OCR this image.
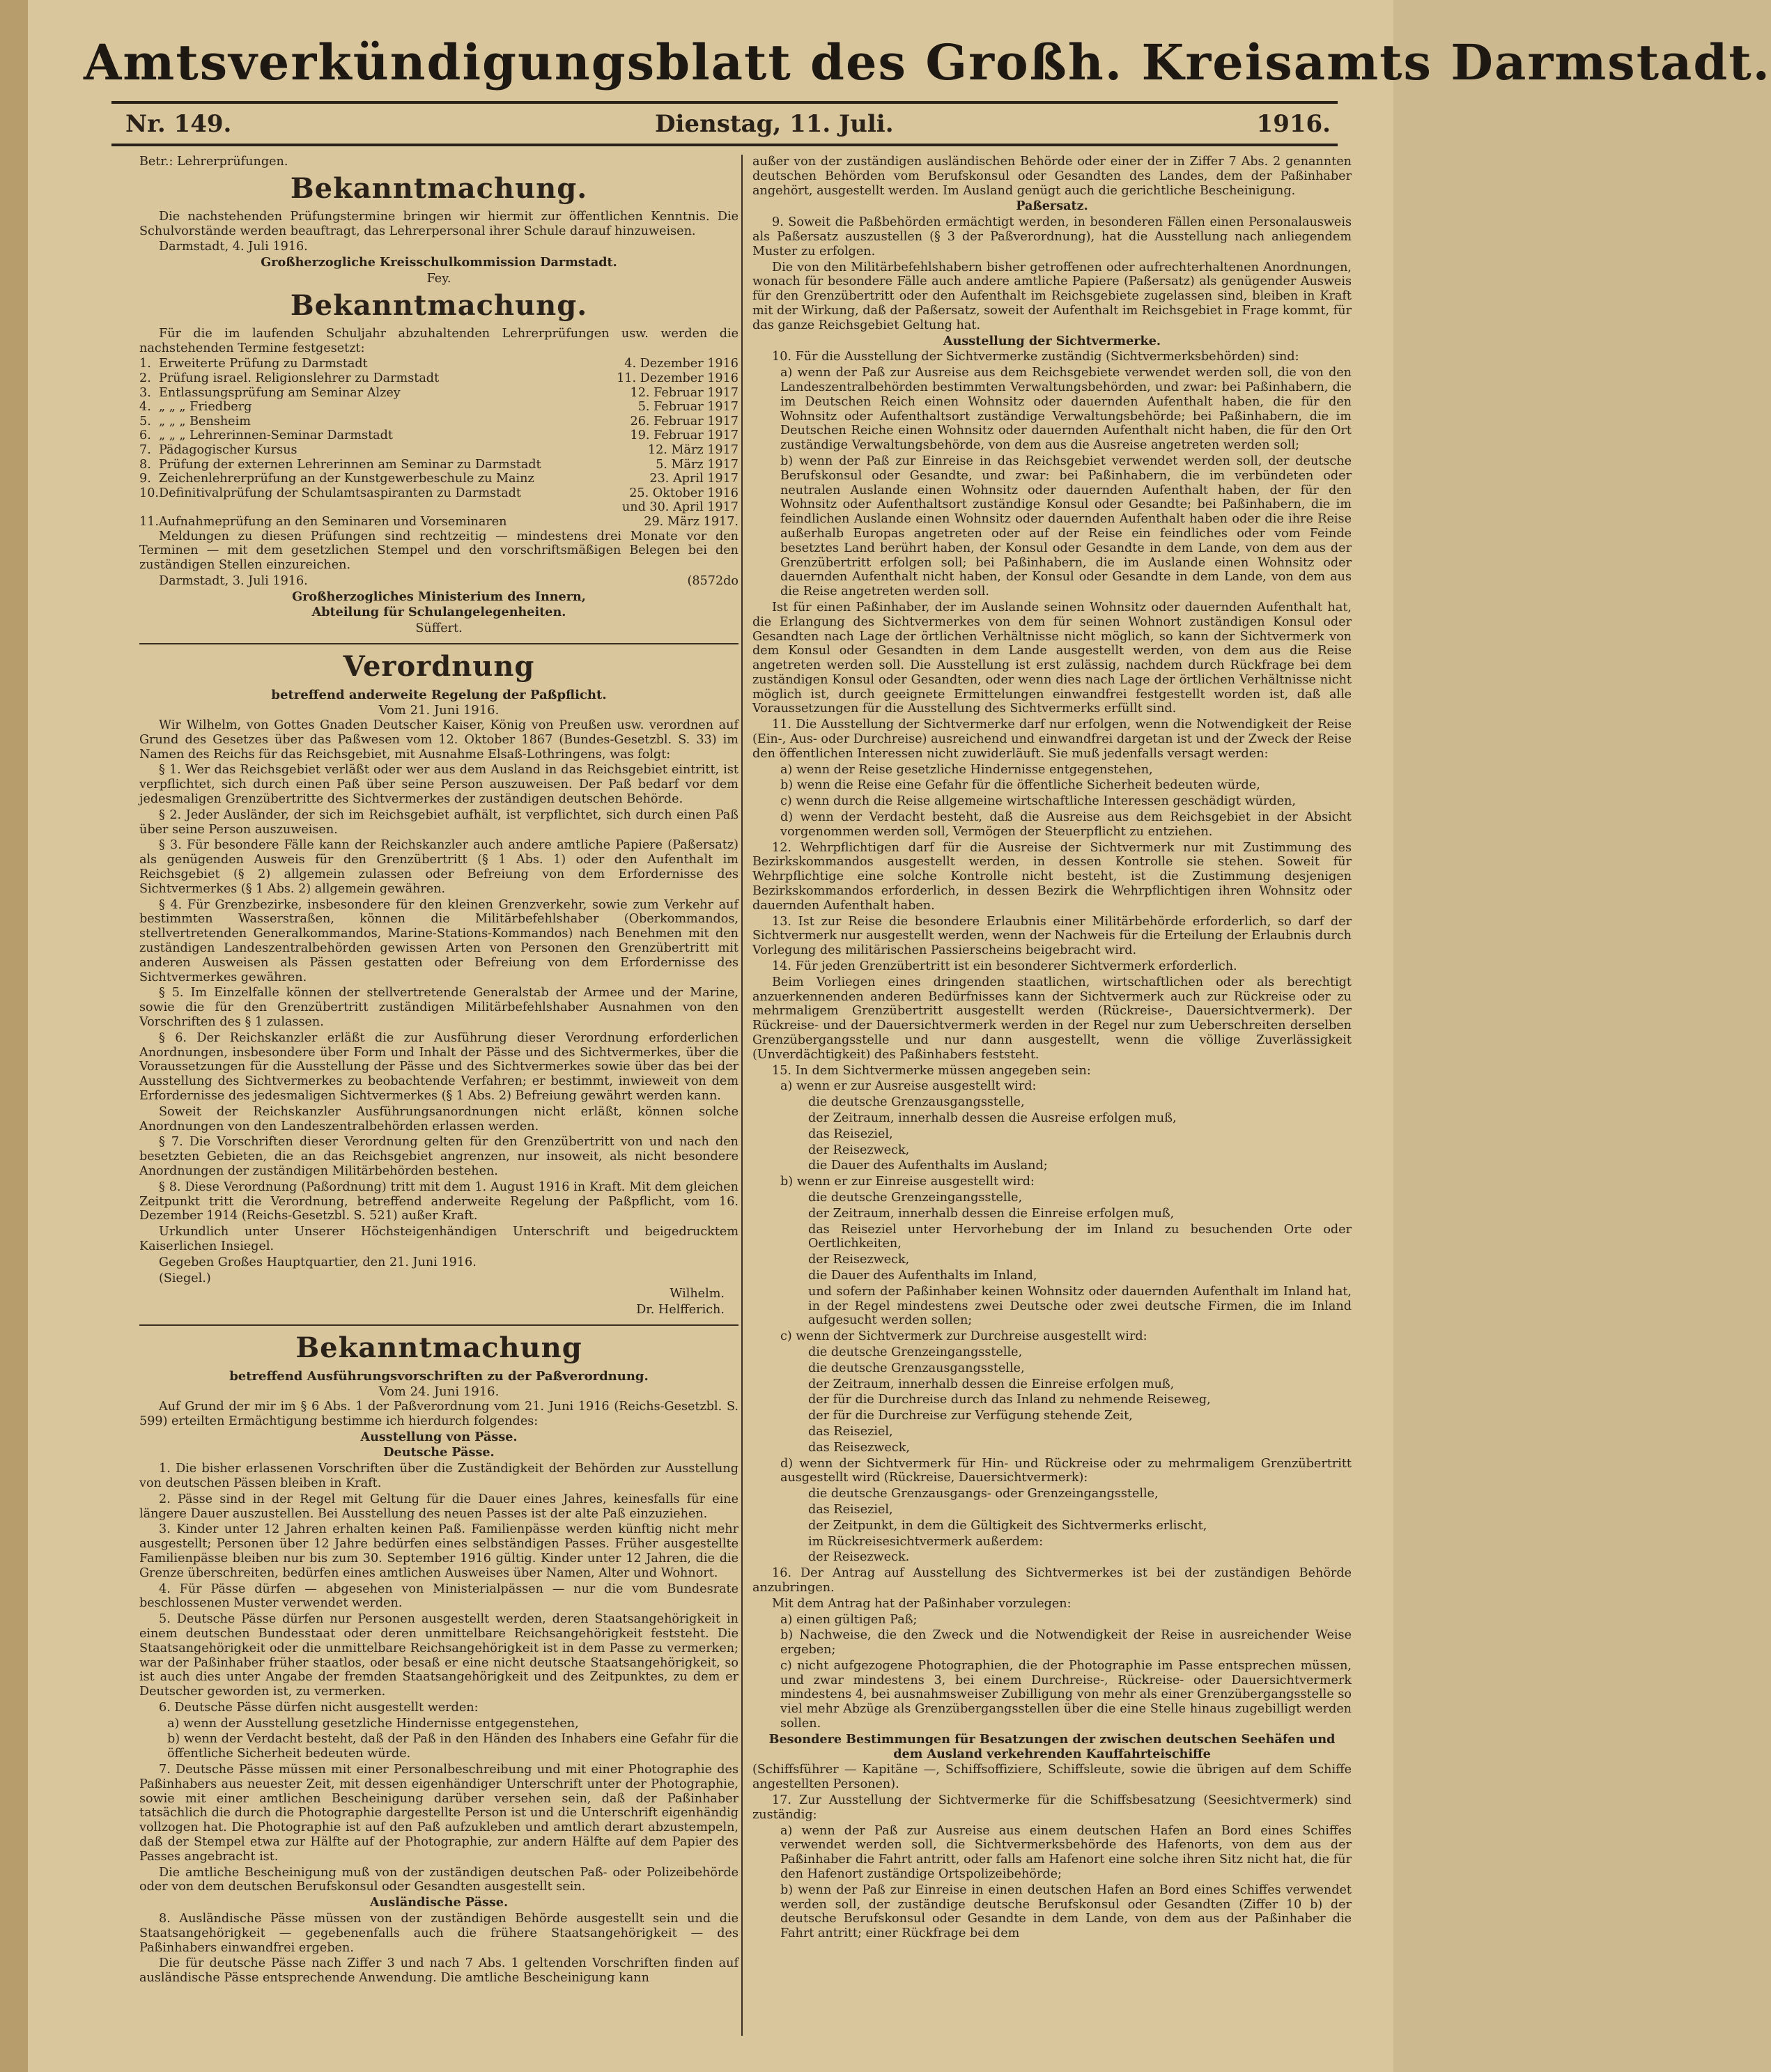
Amtsverkündigungsblatt des Großh. Kreisamts Darmstadt.
Nr. 149.	Dienstag, 11. Juli.	1916.

Betr.: Lehrerprüfungen.

Bekanntmachung.

Die nachstehenden Prüfungstermine bringen wir hiermit zur öffentlichen Kenntnis. Die Schulvorstände werden beauftragt, das Lehrerpersonal ihrer Schule darauf hinzuweisen.

Darmstadt, 4. Juli 1916.

Großherzogliche Kreisschulkommission Darmstadt.

Fey.

Bekanntmachung.

Für die im laufenden Schuljahr abzuhaltenden Lehrerprüfungen usw. werden die nachstehenden Termine festgesetzt:

1.	Erweiterte Prüfung zu Darmstadt	4. Dezember 1916
2.	Prüfung israel. Religionslehrer zu Darmstadt	11. Dezember 1916
3.	Entlassungsprüfung am Seminar Alzey	12. Februar 1917
4.	„ „ „ Friedberg	5. Februar 1917
5.	„ „ „ Bensheim	26. Februar 1917
6.	„ „ „ Lehrerinnen-Seminar Darmstadt	19. Februar 1917
7.	Pädagogischer Kursus	12. März 1917
8.	Prüfung der externen Lehrerinnen am Seminar zu Darmstadt	5. März 1917
9.	Zeichenlehrerprüfung an der Kunstgewerbeschule zu Mainz	23. April 1917
10.	Definitivalprüfung der Schulamtsaspiranten zu Darmstadt	25. Oktober 1916
		und 30. April 1917
11.	Aufnahmeprüfung an den Seminaren und Vorseminaren	29. März 1917.

Meldungen zu diesen Prüfungen sind rechtzeitig — mindestens drei Monate vor den Terminen — mit dem gesetzlichen Stempel und den vorschriftsmäßigen Belegen bei den zuständigen Stellen einzureichen.

Darmstadt, 3. Juli 1916.	(8572do

Großherzogliches Ministerium des Innern,

Abteilung für Schulangelegenheiten.

Süffert.

Verordnung
betreffend anderweite Regelung der Paßpflicht.
Vom 21. Juni 1916.

Wir Wilhelm, von Gottes Gnaden Deutscher Kaiser, König von Preußen usw. verordnen auf Grund des Gesetzes über das Paßwesen vom 12. Oktober 1867 (Bundes-Gesetzbl. S. 33) im Namen des Reichs für das Reichsgebiet, mit Ausnahme Elsaß-Lothringens, was folgt:

§ 1. Wer das Reichsgebiet verläßt oder wer aus dem Ausland in das Reichsgebiet eintritt, ist verpflichtet, sich durch einen Paß über seine Person auszuweisen. Der Paß bedarf vor dem jedesmaligen Grenzübertritte des Sichtvermerkes der zuständigen deutschen Behörde.

§ 2. Jeder Ausländer, der sich im Reichsgebiet aufhält, ist verpflichtet, sich durch einen Paß über seine Person auszuweisen.

§ 3. Für besondere Fälle kann der Reichskanzler auch andere amtliche Papiere (Paßersatz) als genügenden Ausweis für den Grenzübertritt (§ 1 Abs. 1) oder den Aufenthalt im Reichsgebiet (§ 2) allgemein zulassen oder Befreiung von dem Erfordernisse des Sichtvermerkes (§ 1 Abs. 2) allgemein gewähren.

§ 4. Für Grenzbezirke, insbesondere für den kleinen Grenzverkehr, sowie zum Verkehr auf bestimmten Wasserstraßen, können die Militärbefehlshaber (Oberkommandos, stellvertretenden Generalkommandos, Marine-Stations-Kommandos) nach Benehmen mit den zuständigen Landeszentralbehörden gewissen Arten von Personen den Grenzübertritt mit anderen Ausweisen als Pässen gestatten oder Befreiung von dem Erfordernisse des Sichtvermerkes gewähren.

§ 5. Im Einzelfalle können der stellvertretende Generalstab der Armee und der Marine, sowie die für den Grenzübertritt zuständigen Militärbefehlshaber Ausnahmen von den Vorschriften des § 1 zulassen.

§ 6. Der Reichskanzler erläßt die zur Ausführung dieser Verordnung erforderlichen Anordnungen, insbesondere über Form und Inhalt der Pässe und des Sichtvermerkes, über die Voraussetzungen für die Ausstellung der Pässe und des Sichtvermerkes sowie über das bei der Ausstellung des Sichtvermerkes zu beobachtende Verfahren; er bestimmt, inwieweit von dem Erfordernisse des jedesmaligen Sichtvermerkes (§ 1 Abs. 2) Befreiung gewährt werden kann.

Soweit der Reichskanzler Ausführungsanordnungen nicht erläßt, können solche Anordnungen von den Landeszentralbehörden erlassen werden.

§ 7. Die Vorschriften dieser Verordnung gelten für den Grenzübertritt von und nach den besetzten Gebieten, die an das Reichsgebiet angrenzen, nur insoweit, als nicht besondere Anordnungen der zuständigen Militärbehörden bestehen.

§ 8. Diese Verordnung (Paßordnung) tritt mit dem 1. August 1916 in Kraft. Mit dem gleichen Zeitpunkt tritt die Verordnung, betreffend anderweite Regelung der Paßpflicht, vom 16. Dezember 1914 (Reichs-Gesetzbl. S. 521) außer Kraft.

Urkundlich unter Unserer Höchsteigenhändigen Unterschrift und beigedrucktem Kaiserlichen Insiegel.

Gegeben Großes Hauptquartier, den 21. Juni 1916.

(Siegel.)

Wilhelm.

Dr. Helfferich.

Bekanntmachung
betreffend Ausführungsvorschriften zu der Paßverordnung.
Vom 24. Juni 1916.

Auf Grund der mir im § 6 Abs. 1 der Paßverordnung vom 21. Juni 1916 (Reichs-Gesetzbl. S. 599) erteilten Ermächtigung bestimme ich hierdurch folgendes:

Ausstellung von Pässe.

Deutsche Pässe.

1. Die bisher erlassenen Vorschriften über die Zuständigkeit der Behörden zur Ausstellung von deutschen Pässen bleiben in Kraft.

2. Pässe sind in der Regel mit Geltung für die Dauer eines Jahres, keinesfalls für eine längere Dauer auszustellen. Bei Ausstellung des neuen Passes ist der alte Paß einzuziehen.

3. Kinder unter 12 Jahren erhalten keinen Paß. Familienpässe werden künftig nicht mehr ausgestellt; Personen über 12 Jahre bedürfen eines selbständigen Passes. Früher ausgestellte Familienpässe bleiben nur bis zum 30. September 1916 gültig. Kinder unter 12 Jahren, die die Grenze überschreiten, bedürfen eines amtlichen Ausweises über Namen, Alter und Wohnort.

4. Für Pässe dürfen — abgesehen von Ministerialpässen — nur die vom Bundesrate beschlossenen Muster verwendet werden.

5. Deutsche Pässe dürfen nur Personen ausgestellt werden, deren Staatsangehörigkeit in einem deutschen Bundesstaat oder deren unmittelbare Reichsangehörigkeit feststeht. Die Staatsangehörigkeit oder die unmittelbare Reichsangehörigkeit ist in dem Passe zu vermerken; war der Paßinhaber früher staatlos, oder besaß er eine nicht deutsche Staatsangehörigkeit, so ist auch dies unter Angabe der fremden Staatsangehörigkeit und des Zeitpunktes, zu dem er Deutscher geworden ist, zu vermerken.

6. Deutsche Pässe dürfen nicht ausgestellt werden:

a) wenn der Ausstellung gesetzliche Hindernisse entgegenstehen,

b) wenn der Verdacht besteht, daß der Paß in den Händen des Inhabers eine Gefahr für die öffentliche Sicherheit bedeuten würde.

7. Deutsche Pässe müssen mit einer Personalbeschreibung und mit einer Photographie des Paßinhabers aus neuester Zeit, mit dessen eigenhändiger Unterschrift unter der Photographie, sowie mit einer amtlichen Bescheinigung darüber versehen sein, daß der Paßinhaber tatsächlich die durch die Photographie dargestellte Person ist und die Unterschrift eigenhändig vollzogen hat. Die Photographie ist auf den Paß aufzukleben und amtlich derart abzustempeln, daß der Stempel etwa zur Hälfte auf der Photographie, zur andern Hälfte auf dem Papier des Passes angebracht ist.

Die amtliche Bescheinigung muß von der zuständigen deutschen Paß- oder Polizeibehörde oder von dem deutschen Berufskonsul oder Gesandten ausgestellt sein.

Ausländische Pässe.

8. Ausländische Pässe müssen von der zuständigen Behörde ausgestellt sein und die Staatsangehörigkeit — gegebenenfalls auch die frühere Staatsangehörigkeit — des Paßinhabers einwandfrei ergeben.

Die für deutsche Pässe nach Ziffer 3 und nach 7 Abs. 1 geltenden Vorschriften finden auf ausländische Pässe entsprechende Anwendung. Die amtliche Bescheinigung kann

außer von der zuständigen ausländischen Behörde oder einer der in Ziffer 7 Abs. 2 genannten deutschen Behörden vom Berufskonsul oder Gesandten des Landes, dem der Paßinhaber angehört, ausgestellt werden. Im Ausland genügt auch die gerichtliche Bescheinigung.

Paßersatz.

9. Soweit die Paßbehörden ermächtigt werden, in besonderen Fällen einen Personalausweis als Paßersatz auszustellen (§ 3 der Paßverordnung), hat die Ausstellung nach anliegendem Muster zu erfolgen.

Die von den Militärbefehlshabern bisher getroffenen oder aufrechterhaltenen Anordnungen, wonach für besondere Fälle auch andere amtliche Papiere (Paßersatz) als genügender Ausweis für den Grenzübertritt oder den Aufenthalt im Reichsgebiete zugelassen sind, bleiben in Kraft mit der Wirkung, daß der Paßersatz, soweit der Aufenthalt im Reichsgebiet in Frage kommt, für das ganze Reichsgebiet Geltung hat.

Ausstellung der Sichtvermerke.

10. Für die Ausstellung der Sichtvermerke zuständig (Sichtvermerksbehörden) sind:

a) wenn der Paß zur Ausreise aus dem Reichsgebiete verwendet werden soll, die von den Landeszentralbehörden bestimmten Verwaltungsbehörden, und zwar: bei Paßinhabern, die im Deutschen Reich einen Wohnsitz oder dauernden Aufenthalt haben, die für den Wohnsitz oder Aufenthaltsort zuständige Verwaltungsbehörde; bei Paßinhabern, die im Deutschen Reiche einen Wohnsitz oder dauernden Aufenthalt nicht haben, die für den Ort zuständige Verwaltungsbehörde, von dem aus die Ausreise angetreten werden soll;

b) wenn der Paß zur Einreise in das Reichsgebiet verwendet werden soll, der deutsche Berufskonsul oder Gesandte, und zwar: bei Paßinhabern, die im verbündeten oder neutralen Auslande einen Wohnsitz oder dauernden Aufenthalt haben, der für den Wohnsitz oder Aufenthaltsort zuständige Konsul oder Gesandte; bei Paßinhabern, die im feindlichen Auslande einen Wohnsitz oder dauernden Aufenthalt haben oder die ihre Reise außerhalb Europas angetreten oder auf der Reise ein feindliches oder vom Feinde besetztes Land berührt haben, der Konsul oder Gesandte in dem Lande, von dem aus der Grenzübertritt erfolgen soll; bei Paßinhabern, die im Auslande einen Wohnsitz oder dauernden Aufenthalt nicht haben, der Konsul oder Gesandte in dem Lande, von dem aus die Reise angetreten werden soll.

Ist für einen Paßinhaber, der im Auslande seinen Wohnsitz oder dauernden Aufenthalt hat, die Erlangung des Sichtvermerkes von dem für seinen Wohnort zuständigen Konsul oder Gesandten nach Lage der örtlichen Verhältnisse nicht möglich, so kann der Sichtvermerk von dem Konsul oder Gesandten in dem Lande ausgestellt werden, von dem aus die Reise angetreten werden soll. Die Ausstellung ist erst zulässig, nachdem durch Rückfrage bei dem zuständigen Konsul oder Gesandten, oder wenn dies nach Lage der örtlichen Verhältnisse nicht möglich ist, durch geeignete Ermittelungen einwandfrei festgestellt worden ist, daß alle Voraussetzungen für die Ausstellung des Sichtvermerks erfüllt sind.

11. Die Ausstellung der Sichtvermerke darf nur erfolgen, wenn die Notwendigkeit der Reise (Ein-, Aus- oder Durchreise) ausreichend und einwandfrei dargetan ist und der Zweck der Reise den öffentlichen Interessen nicht zuwiderläuft. Sie muß jedenfalls versagt werden:

a) wenn der Reise gesetzliche Hindernisse entgegenstehen,

b) wenn die Reise eine Gefahr für die öffentliche Sicherheit bedeuten würde,

c) wenn durch die Reise allgemeine wirtschaftliche Interessen geschädigt würden,

d) wenn der Verdacht besteht, daß die Ausreise aus dem Reichsgebiet in der Absicht vorgenommen werden soll, Vermögen der Steuerpflicht zu entziehen.

12. Wehrpflichtigen darf für die Ausreise der Sichtvermerk nur mit Zustimmung des Bezirkskommandos ausgestellt werden, in dessen Kontrolle sie stehen. Soweit für Wehrpflichtige eine solche Kontrolle nicht besteht, ist die Zustimmung desjenigen Bezirkskommandos erforderlich, in dessen Bezirk die Wehrpflichtigen ihren Wohnsitz oder dauernden Aufenthalt haben.

13. Ist zur Reise die besondere Erlaubnis einer Militärbehörde erforderlich, so darf der Sichtvermerk nur ausgestellt werden, wenn der Nachweis für die Erteilung der Erlaubnis durch Vorlegung des militärischen Passierscheins beigebracht wird.

14. Für jeden Grenzübertritt ist ein besonderer Sichtvermerk erforderlich.

Beim Vorliegen eines dringenden staatlichen, wirtschaftlichen oder als berechtigt anzuerkennenden anderen Bedürfnisses kann der Sichtvermerk auch zur Rückreise oder zu mehrmaligem Grenzübertritt ausgestellt werden (Rückreise-, Dauersichtvermerk). Der Rückreise- und der Dauersichtvermerk werden in der Regel nur zum Ueberschreiten derselben Grenzübergangsstelle und nur dann ausgestellt, wenn die völlige Zuverlässigkeit (Unverdächtigkeit) des Paßinhabers feststeht.

15. In dem Sichtvermerke müssen angegeben sein:

a) wenn er zur Ausreise ausgestellt wird:

die deutsche Grenzausgangsstelle,

der Zeitraum, innerhalb dessen die Ausreise erfolgen muß,

das Reiseziel,

der Reisezweck,

die Dauer des Aufenthalts im Ausland;

b) wenn er zur Einreise ausgestellt wird:

die deutsche Grenzeingangsstelle,

der Zeitraum, innerhalb dessen die Einreise erfolgen muß,

das Reiseziel unter Hervorhebung der im Inland zu besuchenden Orte oder Oertlichkeiten,

der Reisezweck,

die Dauer des Aufenthalts im Inland,

und sofern der Paßinhaber keinen Wohnsitz oder dauernden Aufenthalt im Inland hat, in der Regel mindestens zwei Deutsche oder zwei deutsche Firmen, die im Inland aufgesucht werden sollen;

c) wenn der Sichtvermerk zur Durchreise ausgestellt wird:

die deutsche Grenzeingangsstelle,

die deutsche Grenzausgangsstelle,

der Zeitraum, innerhalb dessen die Einreise erfolgen muß,

der für die Durchreise durch das Inland zu nehmende Reiseweg,

der für die Durchreise zur Verfügung stehende Zeit,

das Reiseziel,

das Reisezweck,

d) wenn der Sichtvermerk für Hin- und Rückreise oder zu mehrmaligem Grenzübertritt ausgestellt wird (Rückreise, Dauersichtvermerk):

die deutsche Grenzausgangs- oder Grenzeingangsstelle,

das Reiseziel,

der Zeitpunkt, in dem die Gültigkeit des Sichtvermerks erlischt,

im Rückreisesichtvermerk außerdem:

der Reisezweck.

16. Der Antrag auf Ausstellung des Sichtvermerkes ist bei der zuständigen Behörde anzubringen.

Mit dem Antrag hat der Paßinhaber vorzulegen:

a) einen gültigen Paß;

b) Nachweise, die den Zweck und die Notwendigkeit der Reise in ausreichender Weise ergeben;

c) nicht aufgezogene Photographien, die der Photographie im Passe entsprechen müssen, und zwar mindestens 3, bei einem Durchreise-, Rückreise- oder Dauersichtvermerk mindestens 4, bei ausnahmsweiser Zubilligung von mehr als einer Grenzübergangsstelle so viel mehr Abzüge als Grenzübergangsstellen über die eine Stelle hinaus zugebilligt werden sollen.

Besondere Bestimmungen für Besatzungen der zwischen deutschen Seehäfen und dem Ausland verkehrenden Kauffahrteischiffe

(Schiffsführer — Kapitäne —, Schiffsoffiziere, Schiffsleute, sowie die übrigen auf dem Schiffe angestellten Personen).

17. Zur Ausstellung der Sichtvermerke für die Schiffsbesatzung (Seesichtvermerk) sind zuständig:

a) wenn der Paß zur Ausreise aus einem deutschen Hafen an Bord eines Schiffes verwendet werden soll, die Sichtvermerksbehörde des Hafenorts, von dem aus der Paßinhaber die Fahrt antritt, oder falls am Hafenort eine solche ihren Sitz nicht hat, die für den Hafenort zuständige Ortspolizeibehörde;

b) wenn der Paß zur Einreise in einen deutschen Hafen an Bord eines Schiffes verwendet werden soll, der zuständige deutsche Berufskonsul oder Gesandten (Ziffer 10 b) der deutsche Berufskonsul oder Gesandte in dem Lande, von dem aus der Paßinhaber die Fahrt antritt; einer Rückfrage bei dem
